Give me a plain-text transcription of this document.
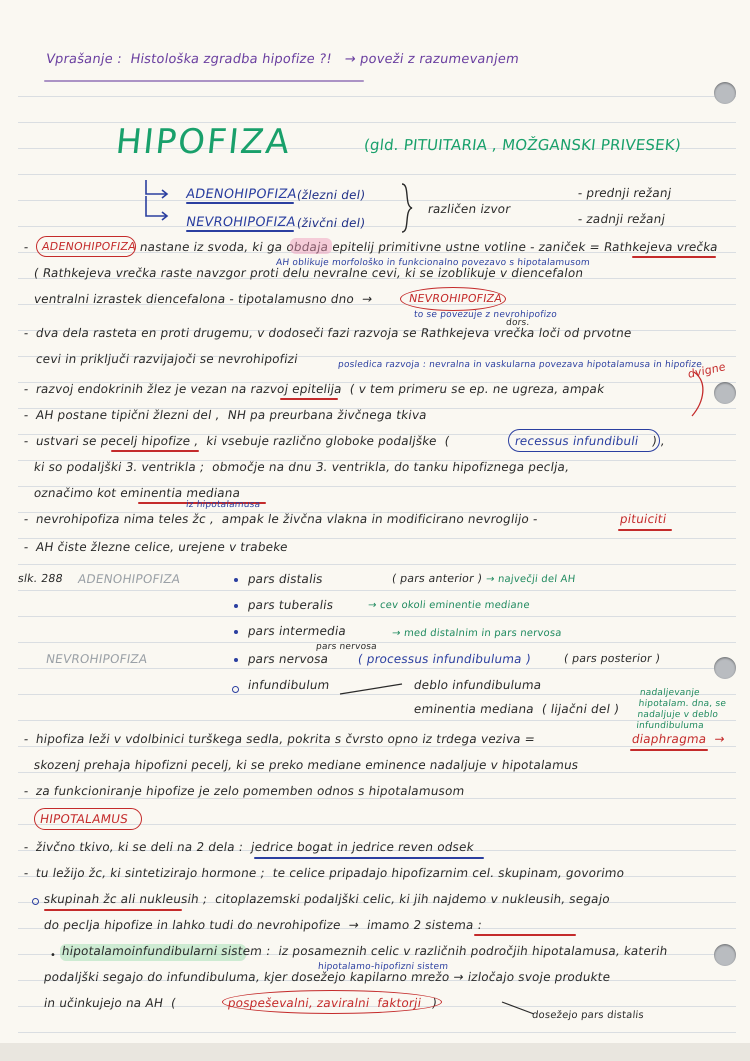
Vprašanje :  Histološka zgradba hipofize ?!   → poveži z razumevanjem
HIPOFIZA	(gld. PITUITARIA , MOŽGANSKI PRIVESEK)
ADENOHIPOFIZA
(žlezni del)
NEVROHIPOFIZA (živčni del)
različen izvor
- prednji režanj
- zadnji režanj
- ADENOHIPOFIZA nastane iz svoda, ki ga obdaja epitelij primitivne ustne votline - zaniček = Rathkejeva vrečka
( Rathkejeva vrečka raste navzgor proti delu nevralne cevi, ki se izoblikuje v diencefalon
ventralni izrastek diencefalona - tipotalamusno dno  →	NEVROHIPOFIZA
AH oblikuje morfološko in funkcionalno povezavo s hipotalamusom
to se povezuje z nevrohipofizo
dors.
- dva dela rasteta en proti drugemu, v dodoseči fazi razvoja se Rathkejeva vrečka loči od prvotne
cevi in priključi razvijajoči se nevrohipofizi	posledica razvoja : nevralna in vaskularna povezava hipotalamusa in hipofize
- razvoj endokrinih žlez je vezan na razvoj epitelija  ( v tem primeru se ep. ne ugreza, ampak
dvigne
- AH postane tipični žlezni del ,  NH pa preurbana živčnega tkiva
- ustvari se pecelj hipofize ,  ki vsebuje različno globoke podaljške  (	recessus infundibuli ) ,
ki so podaljški 3. ventrikla ;  območje na dnu 3. ventrikla, do tanku hipofiznega peclja,
označimo kot eminentia mediana
- nevrohipofiza nima teles žc ,  ampak le živčna vlakna in modificirano nevroglijo -	pituiciti
iz hipotalamusa
- AH čiste žlezne celice, urejene v trabeke
slk. 288 ADENOHIPOFIZA
NEVROHIPOFIZA
pars distalis	( pars anterior ) → največji del AH
pars tuberalis	→ cev okoli eminentie mediane
pars intermedia	→ med distalnim in pars nervosa
pars nervosa
pars nervosa ( processus infundibuluma )	( pars posterior )
infundibulum	deblo infundibuluma
eminentia mediana  ( lijačni del )
nadaljevanje hipotalam. dna, se nadaljuje v deblo infundibuluma
- hipofiza leži v vdolbinici turškega sedla, pokrita s čvrsto opno iz trdega veziva =	diaphragma  →
skozenj prehaja hipofizni pecelj, ki se preko mediane eminence nadaljuje v hipotalamus
- za funkcioniranje hipofize je zelo pomemben odnos s hipotalamusom
HIPOTALAMUS
- živčno tkivo, ki se deli na 2 dela :  jedrice bogat in jedrice reven odsek
- tu ležijo žc, ki sintetizirajo hormone ;  te celice pripadajo hipofizarnim cel. skupinam, govorimo
skupinah žc ali nukleusih ;  citoplazemski podaljški celic, ki jih najdemo v nukleusih, segajo
do peclja hipofize in lahko tudi do nevrohipofize  →  imamo 2 sistema :
• hipotalamoinfundibularni sistem :  iz posameznih celic v različnih področjih hipotalamusa, katerih
hipotalamo-hipofizni sistem
podaljški segajo do infundibuluma, kjer dosežejo kapilarno mrežo → izločajo svoje produkte
in učinkujejo na AH  (	pospeševalni, zaviralni  faktorji )
dosežejo pars distalis
